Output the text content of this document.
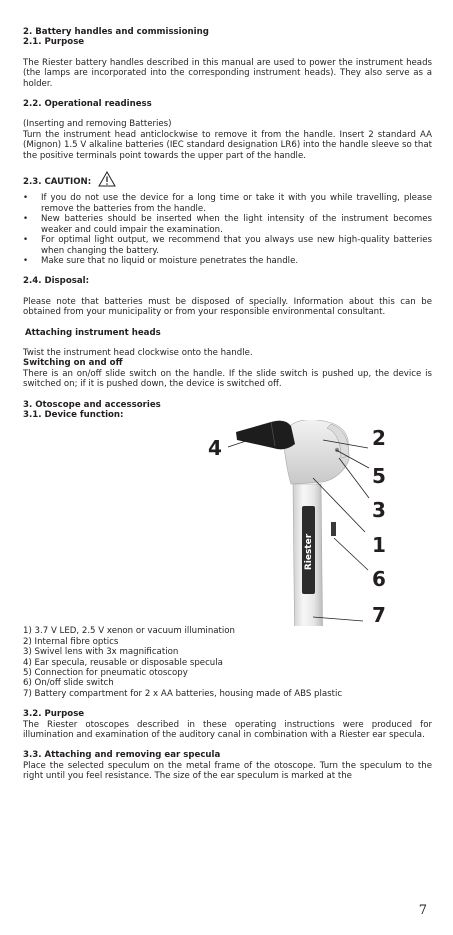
2. Battery handles and commissioning

2.1. Purpose

The Riester battery handles described in this manual are used to power the instrument heads (the lamps are incorporated into the corresponding instrument heads). They also serve as a holder.

2.2. Operational readiness

(Inserting and removing Batteries)

Turn the instrument head anticlockwise to remove it from the handle. Insert 2 standard AA (Mignon) 1.5 V alkaline batteries (IEC standard designation LR6) into the handle sleeve so that the positive terminals point towards the upper part of the handle.

2.3. CAUTION:

• If you do not use the device for a long time or take it with you while travelling, please remove the batteries from the handle.
• New batteries should be inserted when the light intensity of the instrument becomes weaker and could impair the examination.
• For optimal light output, we recommend that you always use new high-quality batteries when changing the battery.
• Make sure that no liquid or moisture penetrates the handle.

2.4. Disposal:

Please note that batteries must be disposed of specially. Information about this can be obtained from your municipality or from your responsible environmental consultant.

Attaching instrument heads

Twist the instrument head clockwise onto the handle.

Switching on and off

There is an on/off slide switch on the handle. If the slide switch is pushed up, the device is switched on; if it is pushed down, the device is switched off.

3. Otoscope and accessories

3.1. Device function:

Riester
2
5
3
1
6
7
4
1) 3.7 V LED, 2.5 V xenon or vacuum illumination
2) Internal fibre optics
3) Swivel lens with 3x magnification
4) Ear specula, reusable or disposable specula
5) Connection for pneumatic otoscopy
6) On/off slide switch
7) Battery compartment for 2 x AA batteries, housing made of ABS plastic

3.2. Purpose

The Riester otoscopes described in these operating instructions were produced for illumination and examination of the auditory canal in combination with a Riester ear specula.

3.3. Attaching and removing ear specula

Place the selected speculum on the metal frame of the otoscope. Turn the speculum to the right until you feel resistance. The size of the ear speculum is marked at the

7
